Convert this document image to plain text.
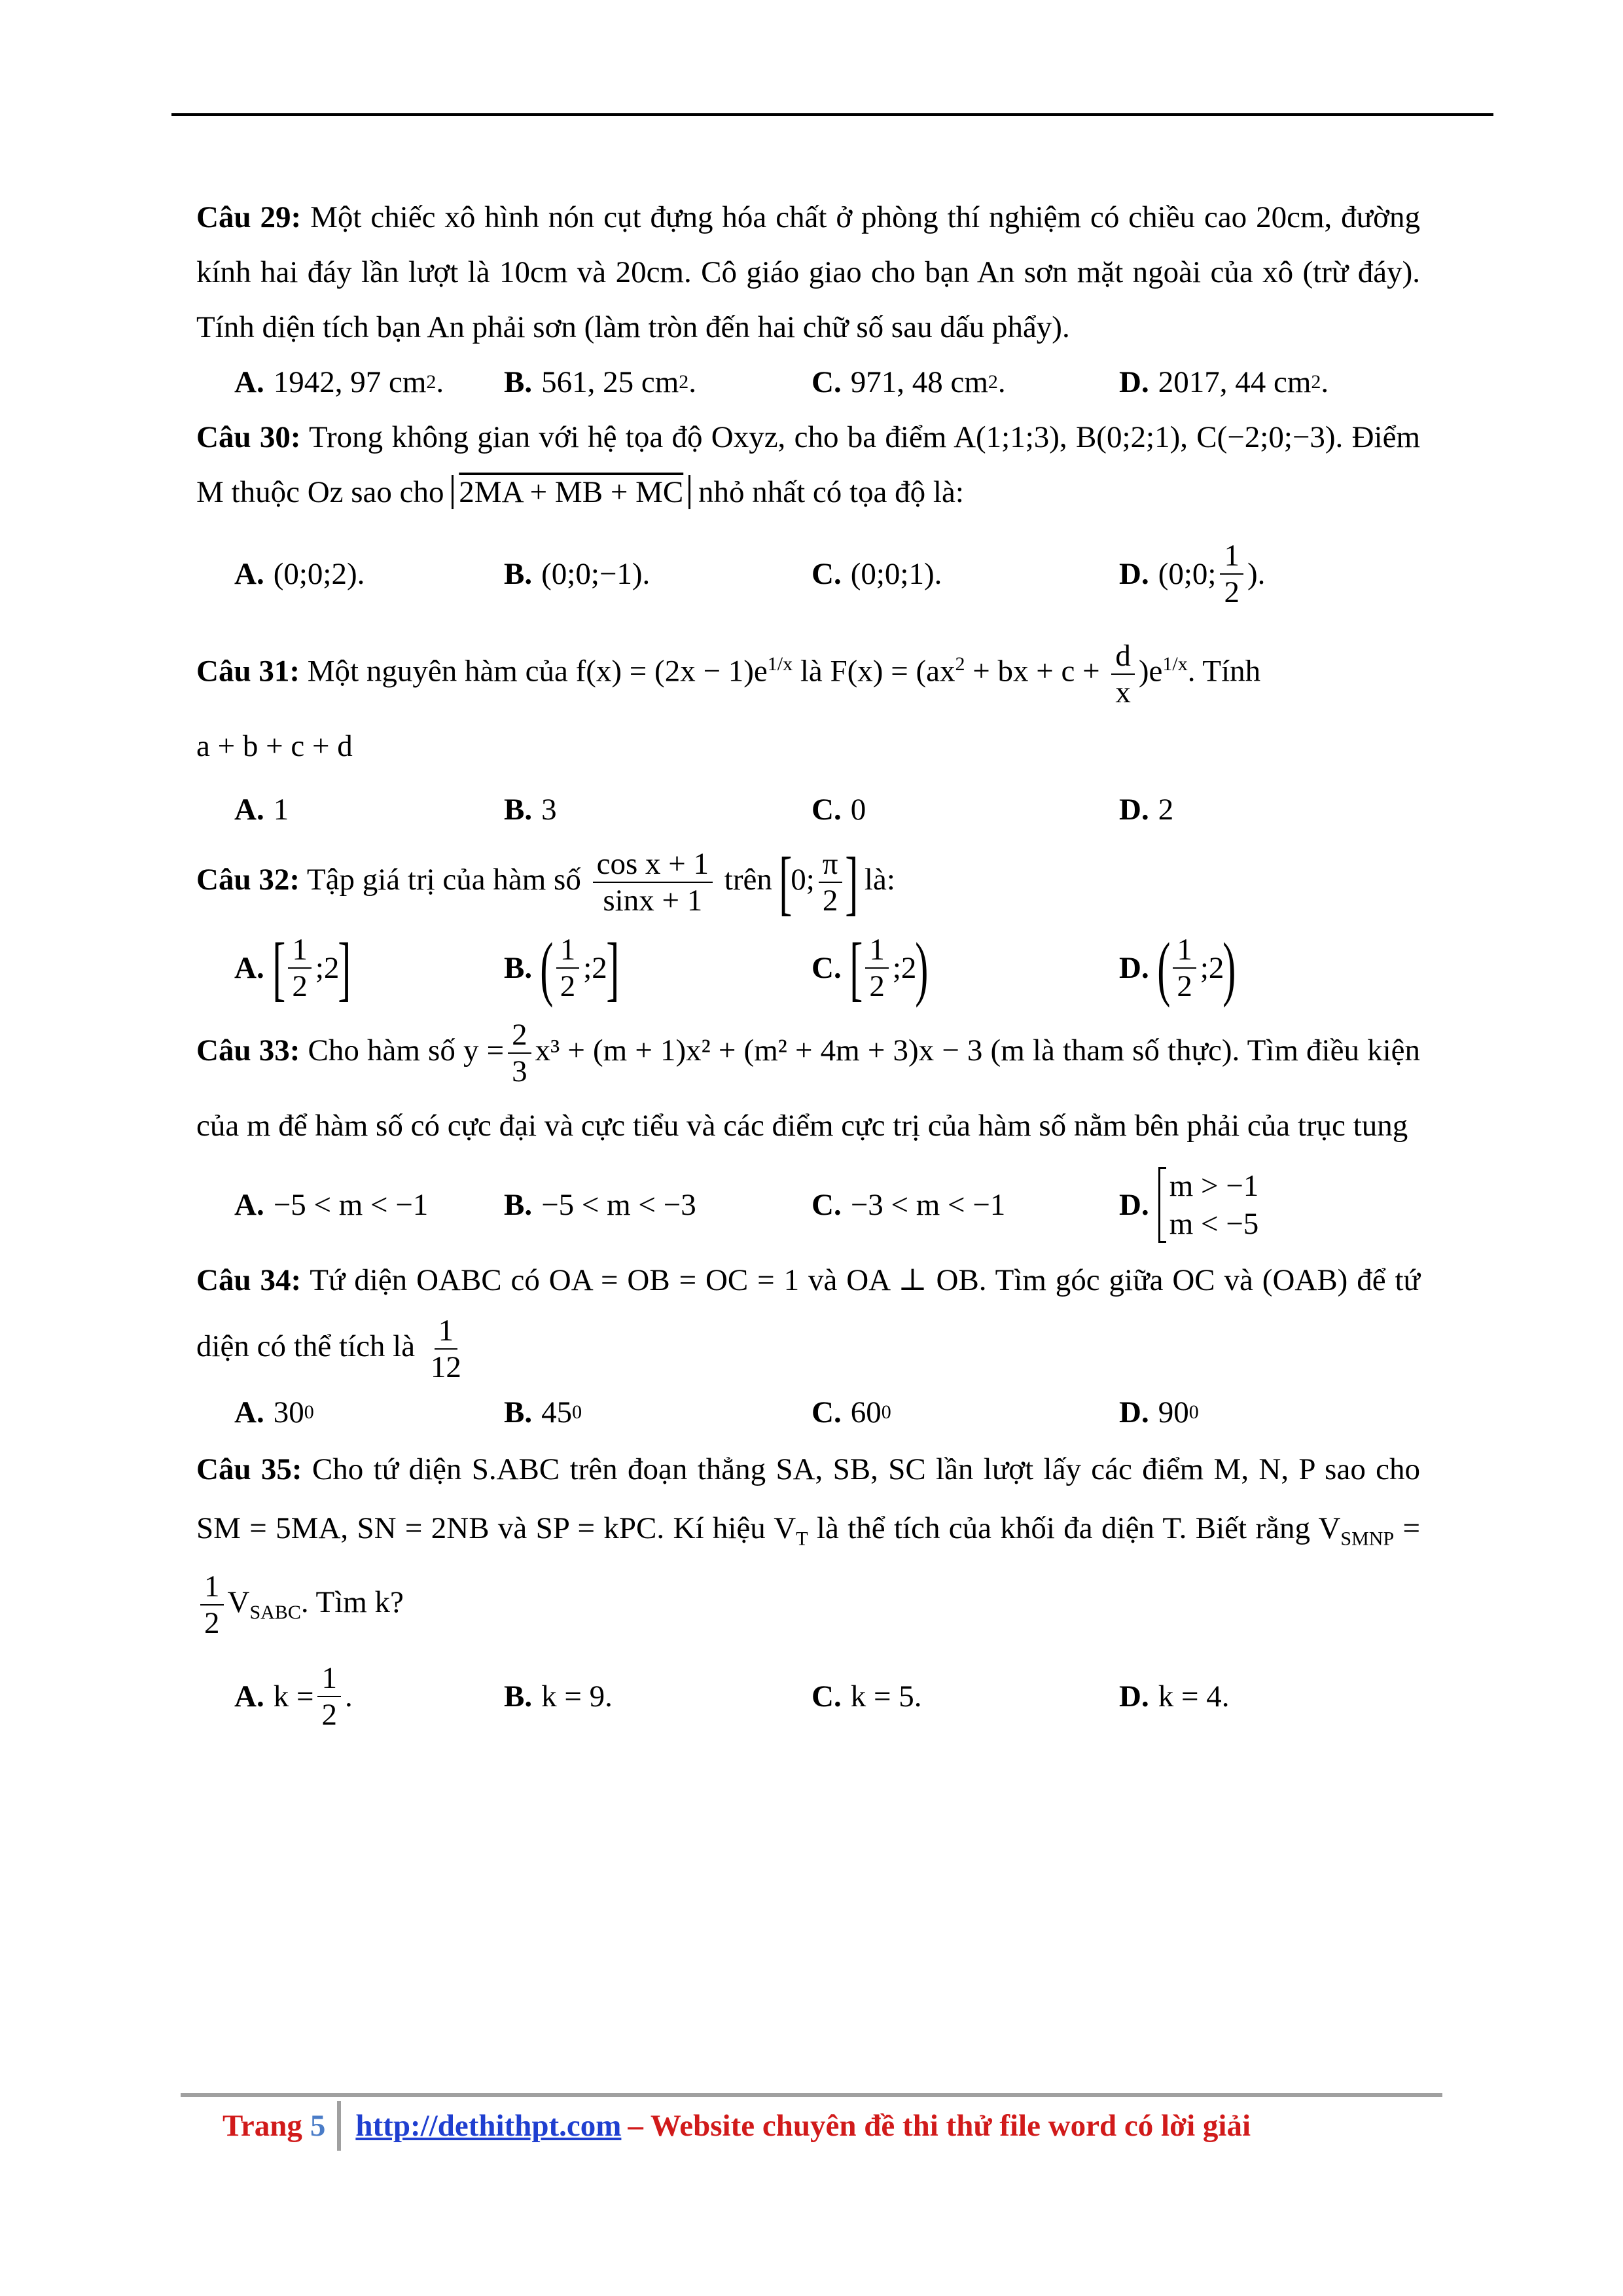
Câu 29: Một chiếc xô hình nón cụt đựng hóa chất ở phòng thí nghiệm có chiều cao 20cm, đường kính hai đáy lần lượt là 10cm và 20cm. Cô giáo giao cho bạn An sơn mặt ngoài của xô (trừ đáy). Tính diện tích bạn An phải sơn (làm tròn đến hai chữ số sau dấu phẩy).

A. 1942, 97 cm 2 . B. 561, 25 cm 2 .	C. 971, 48 cm 2 .	D. 2017, 44 cm 2 .

Câu 30: Trong không gian với hệ tọa độ Oxyz, cho ba điểm A(1;1;3), B(0;2;1), C(−2;0;−3). Điểm M thuộc Oz sao cho 2MA + MB + MC nhỏ nhất có tọa độ là:

A. (0;0;2).	B. (0;0;−1).	C. (0;0;1).	D. (0;0; $\frac{1}{2}$ ).

Câu 31: Một nguyên hàm của $f(x) = (2x - 1)e^{1/x}$ là $F(x) = (ax^2$ + bx + $c + \frac{d}{x} )e^{1/x}$. Tính
a + b + c + d

A. 1	B. 3	C. 0	D. 2

Câu 32: Tập giá trị của hàm số $\frac{\text{cos x + 1}}{\sin x + 1}$ trên [0; $\frac{\pi}{2}$ ] là:

A. [ $\frac{1}{2}$ ;2
]	B. ( $\frac{1}{2}$ ;2
]	C. [ $\frac{1}{2}$ ;2
)	D. ( $\frac{1}{2}$ ;2
)

Câu 33: Cho hàm số $y = \frac{2}{3} x^3 + (m + 1)x^2 + (m^2 + 4m + 3)x - 3$ (m là tham số thực). Tìm điều kiện của m để hàm số có cực đại và cực tiểu và các điểm cực trị của hàm số nằm bên phải của trục tung

A. −5 < m < −1 B. −5 < m < −3	C. −3 < m < −1	D.
m > −1
m < −5

Câu 34: Tứ diện OABC có OA = OB = OC = 1 và OA ⊥ OB. Tìm góc giữa OC và (OAB) để tứ diện có thể tích là $\frac{1}{12}$

A. 30 0	B. 45 0	C. 60 0	D. 90 0

Câu 35: Cho tứ diện S.ABC trên đoạn thẳng SA, SB, SC lần lượt lấy các điểm M, N, P sao cho SM = 5MA, SN = 2NB và SP = kPC. Kí hiệu $V_T$ là thể tích của khối đa diện T. Biết rằng $V_{SMNP}$ =
$\frac{1}{2} V_{SABC}$. Tìm k?

A. $k = \frac{1}{2}$ .	B. k = 9.	C. k = 5.	D. k = 4.
Trang 5 http://dethithpt.com – Website chuyên đề thi thử file word có lời giải
